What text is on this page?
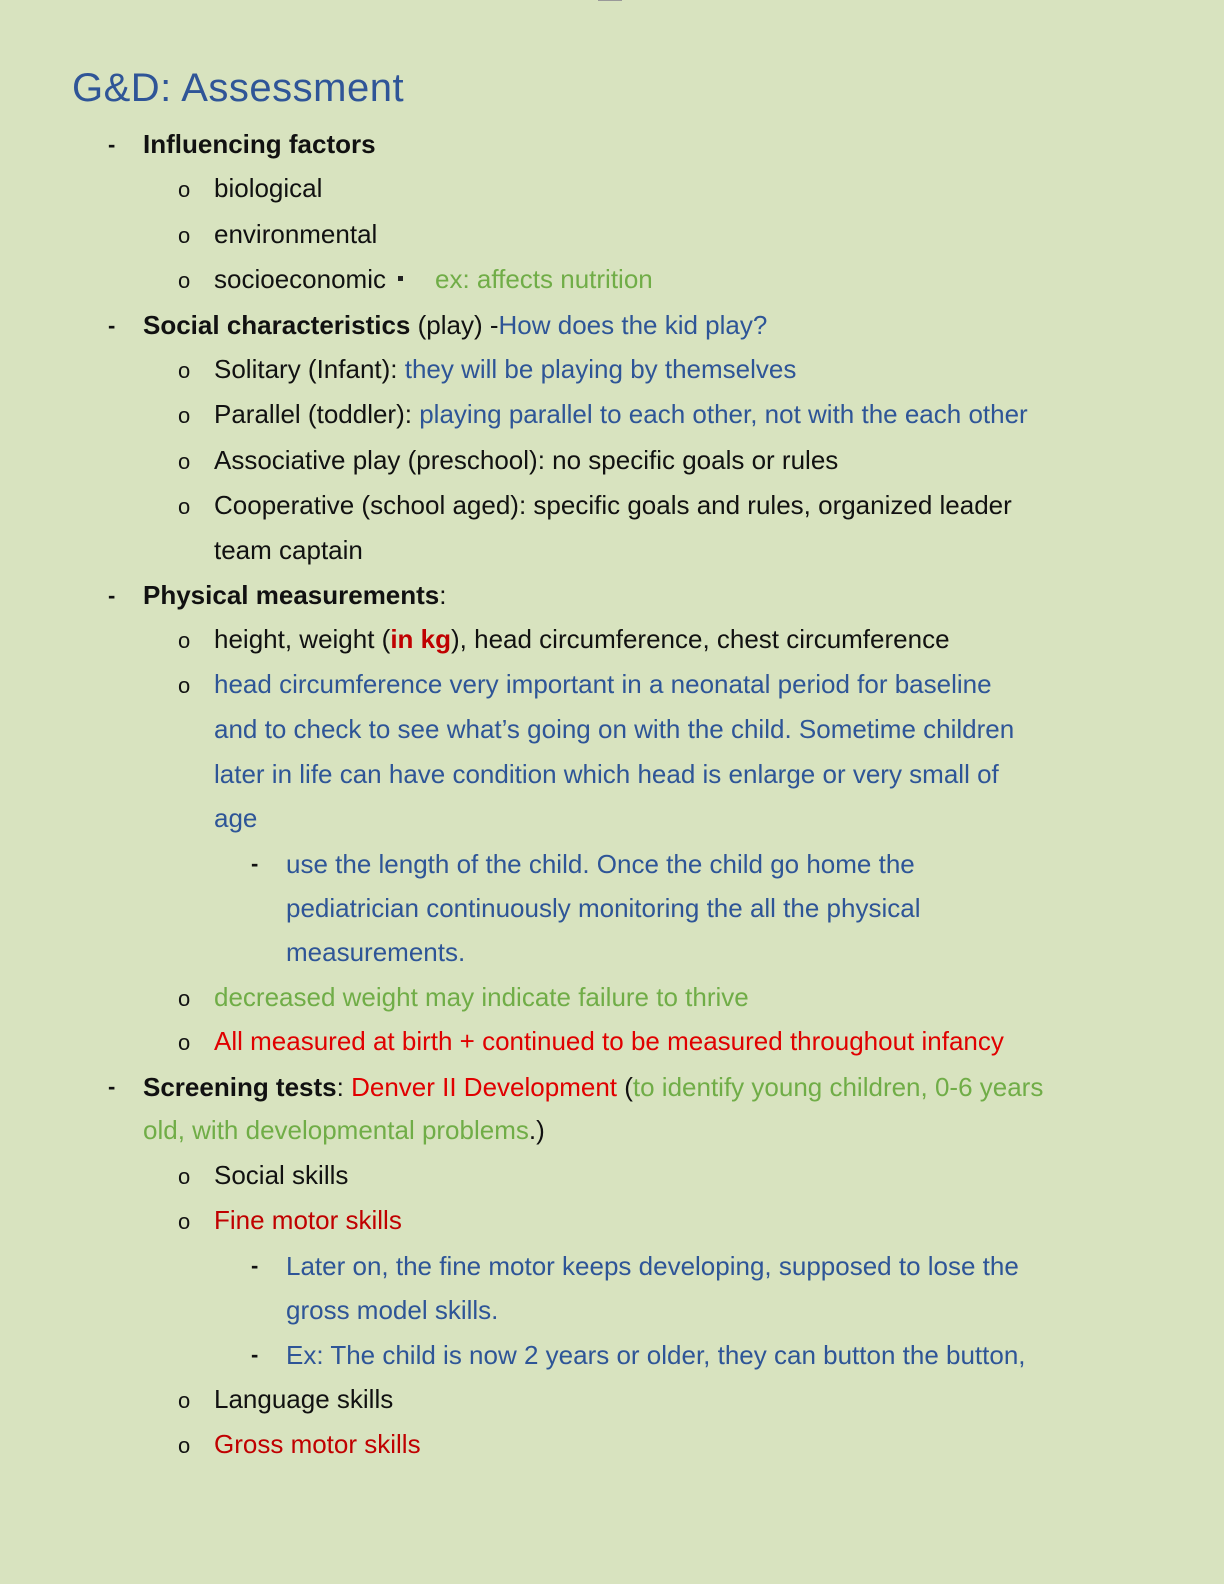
G&D: Assessment
- Influencing factors
o biological
o environmental
o socioeconomic ex: affects nutrition
- Social characteristics (play) -How does the kid play?
o Solitary (Infant): they will be playing by themselves
o Parallel (toddler): playing parallel to each other, not with the each other
o Associative play (preschool): no specific goals or rules
o Cooperative (school aged): specific goals and rules, organized leader
team captain
- Physical measurements:
o height, weight (in kg), head circumference, chest circumference
o head circumference very important in a neonatal period for baseline
and to check to see what’s going on with the child. Sometime children
later in life can have condition which head is enlarge or very small of
age
- use the length of the child. Once the child go home the
pediatrician continuously monitoring the all the physical
measurements.
o decreased weight may indicate failure to thrive
o All measured at birth + continued to be measured throughout infancy
- Screening tests: Denver II Development (to identify young children, 0-6 years
old, with developmental problems.)
o Social skills
o Fine motor skills
- Later on, the fine motor keeps developing, supposed to lose the
gross model skills.
- Ex: The child is now 2 years or older, they can button the button,
o Language skills
o Gross motor skills
